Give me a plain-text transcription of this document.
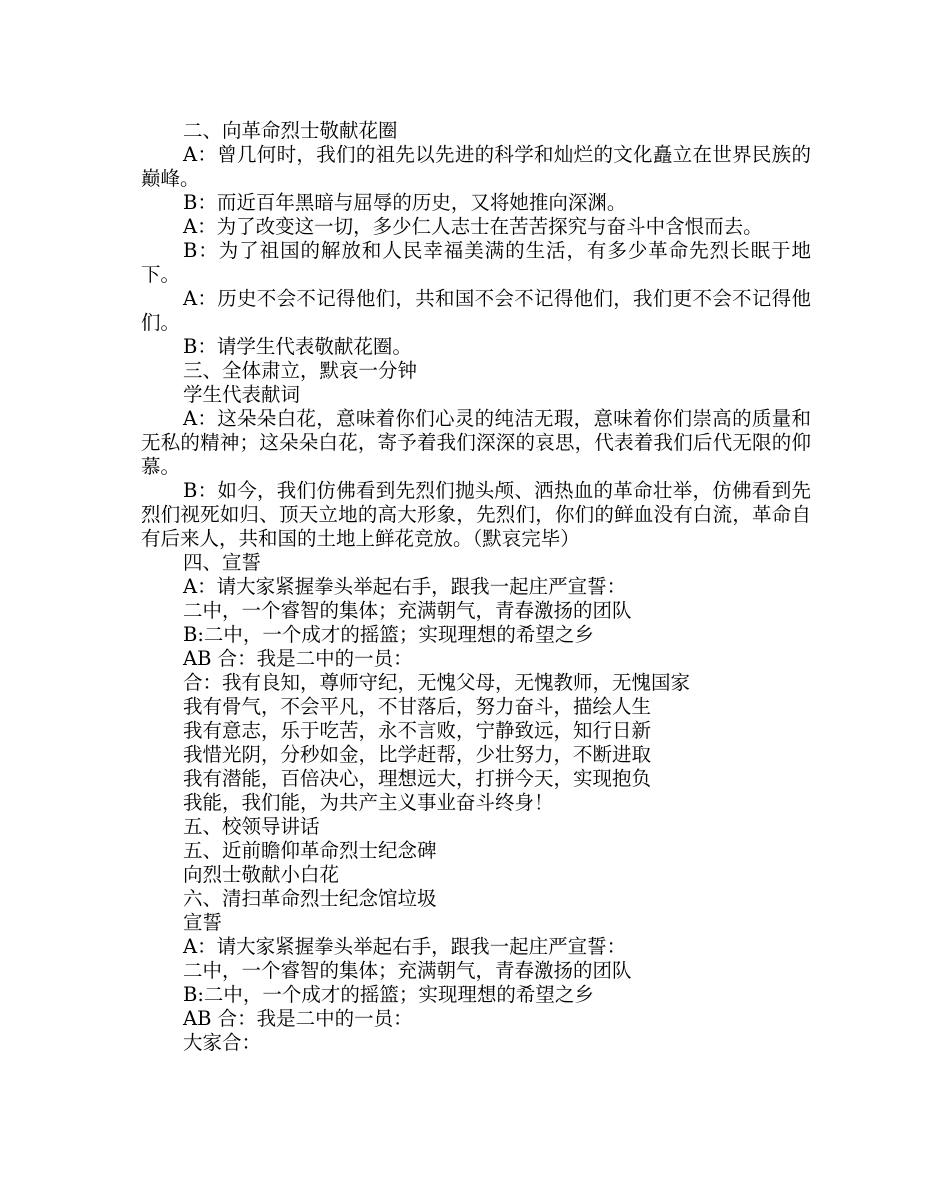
二、向革命烈士敬献花圈

A：曾几何时，我们的祖先以先进的科学和灿烂的文化矗立在世界民族的巅峰。

B：而近百年黑暗与屈辱的历史，又将她推向深渊。

A：为了改变这一切，多少仁人志士在苦苦探究与奋斗中含恨而去。

B：为了祖国的解放和人民幸福美满的生活，有多少革命先烈长眠于地下。

A：历史不会不记得他们，共和国不会不记得他们，我们更不会不记得他们。

B：请学生代表敬献花圈。

三、全体肃立，默哀一分钟

学生代表献词

A：这朵朵白花，意味着你们心灵的纯洁无瑕，意味着你们崇高的质量和无私的精神；这朵朵白花，寄予着我们深深的哀思，代表着我们后代无限的仰慕。

B：如今，我们仿佛看到先烈们抛头颅、洒热血的革命壮举，仿佛看到先烈们视死如归、顶天立地的高大形象，先烈们，你们的鲜血没有白流，革命自有后来人，共和国的土地上鲜花竞放。（默哀完毕）

四、宣誓

A：请大家紧握拳头举起右手，跟我一起庄严宣誓：

二中，一个睿智的集体；充满朝气，青春激扬的团队

B:二中，一个成才的摇篮；实现理想的希望之乡

AB 合：我是二中的一员：

合：我有良知，尊师守纪，无愧父母，无愧教师，无愧国家

我有骨气，不会平凡，不甘落后，努力奋斗，描绘人生

我有意志，乐于吃苦，永不言败，宁静致远，知行日新

我惜光阴，分秒如金，比学赶帮，少壮努力，不断进取

我有潜能，百倍决心，理想远大，打拼今天，实现抱负

我能，我们能，为共产主义事业奋斗终身！

五、校领导讲话

五、近前瞻仰革命烈士纪念碑

向烈士敬献小白花

六、清扫革命烈士纪念馆垃圾

宣誓

A：请大家紧握拳头举起右手，跟我一起庄严宣誓：

二中，一个睿智的集体；充满朝气，青春激扬的团队

B:二中，一个成才的摇篮；实现理想的希望之乡

AB 合：我是二中的一员：

大家合：
